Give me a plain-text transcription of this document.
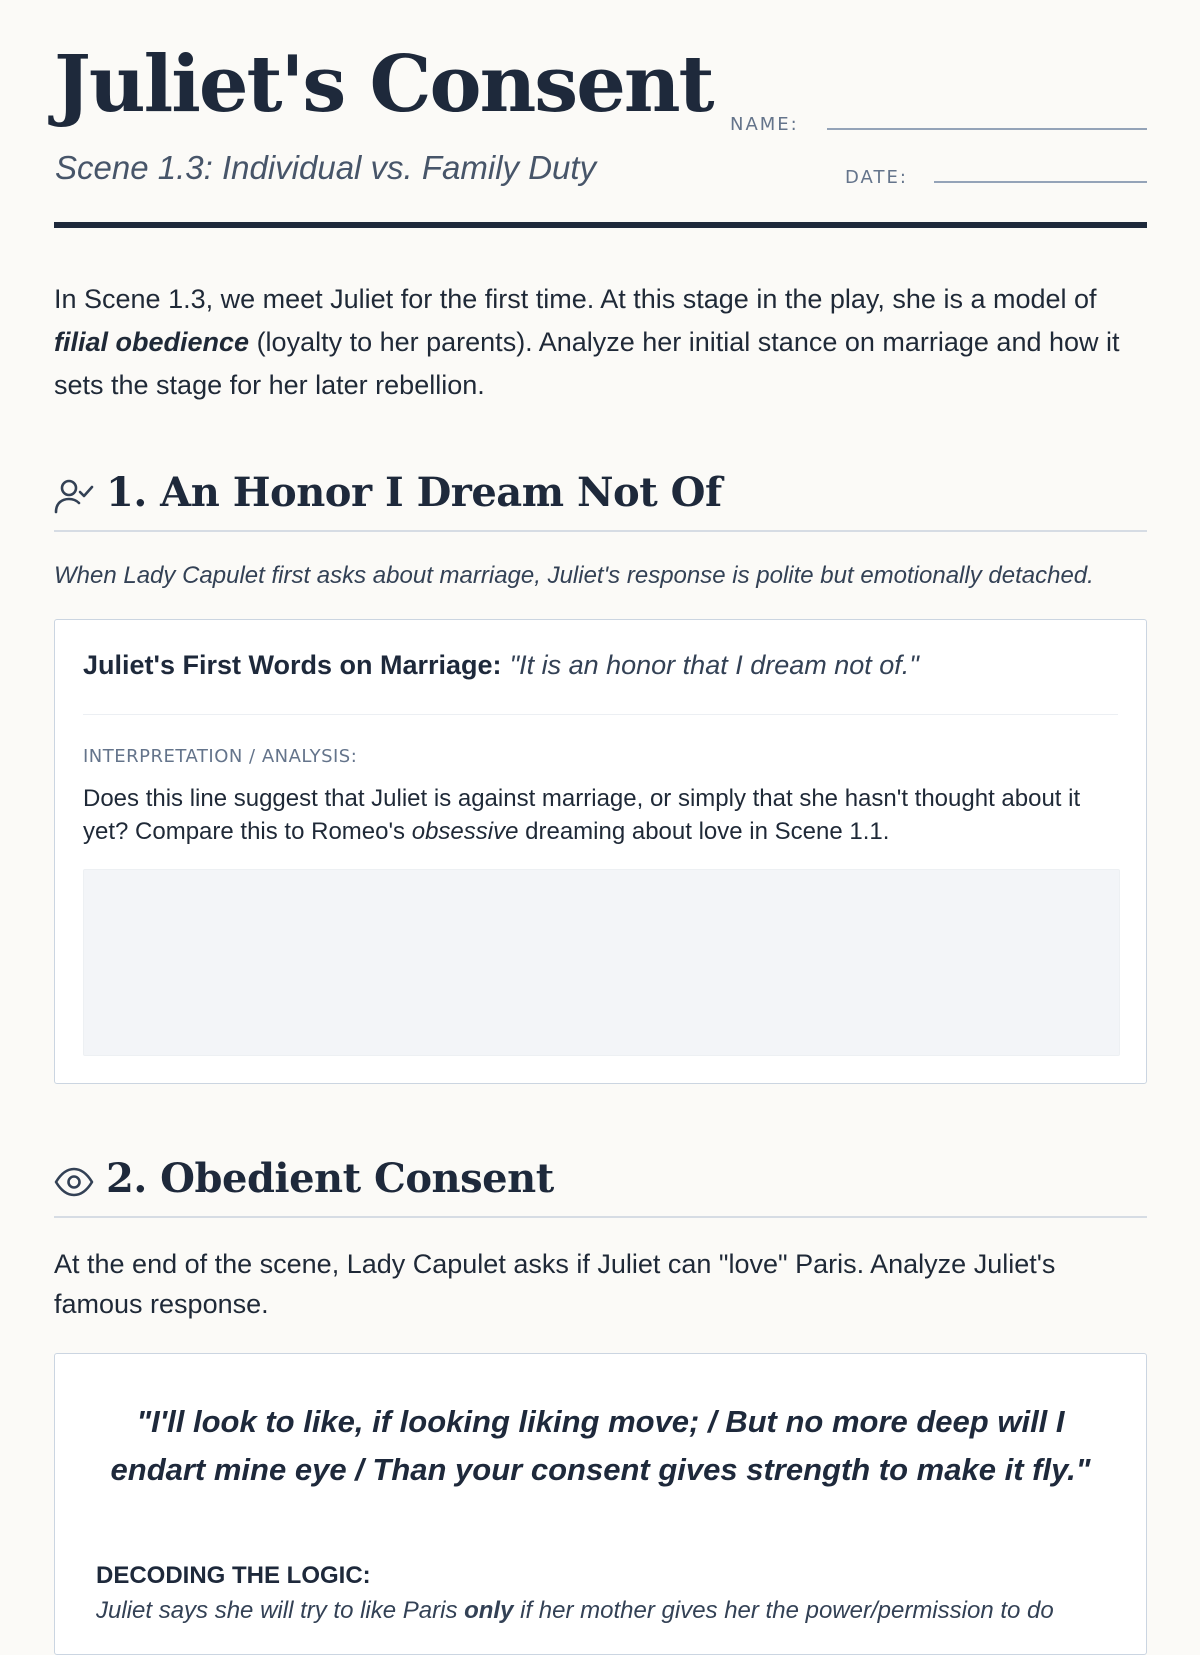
Juliet's Consent
Scene 1.3: Individual vs. Family Duty
NAME:
DATE:

In Scene 1.3, we meet Juliet for the first time. At this stage in the play, she is a model of filial obedience (loyalty to her parents). Analyze her initial stance on marriage and how it sets the stage for her later rebellion.

1. An Honor I Dream Not Of
When Lady Capulet first asks about marriage, Juliet's response is polite but emotionally detached.
Juliet's First Words on Marriage: "It is an honor that I dream not of."
INTERPRETATION / ANALYSIS:

Does this line suggest that Juliet is against marriage, or simply that she hasn't thought about it yet? Compare this to Romeo's obsessive dreaming about love in Scene 1.1.

2. Obedient Consent

At the end of the scene, Lady Capulet asks if Juliet can "love" Paris. Analyze Juliet's famous response.

"I'll look to like, if looking liking move; / But no more deep will I endart mine eye / Than your consent gives strength to make it fly."

DECODING THE LOGIC:
Juliet says she will try to like Paris only if her mother gives her the power/permission to do
